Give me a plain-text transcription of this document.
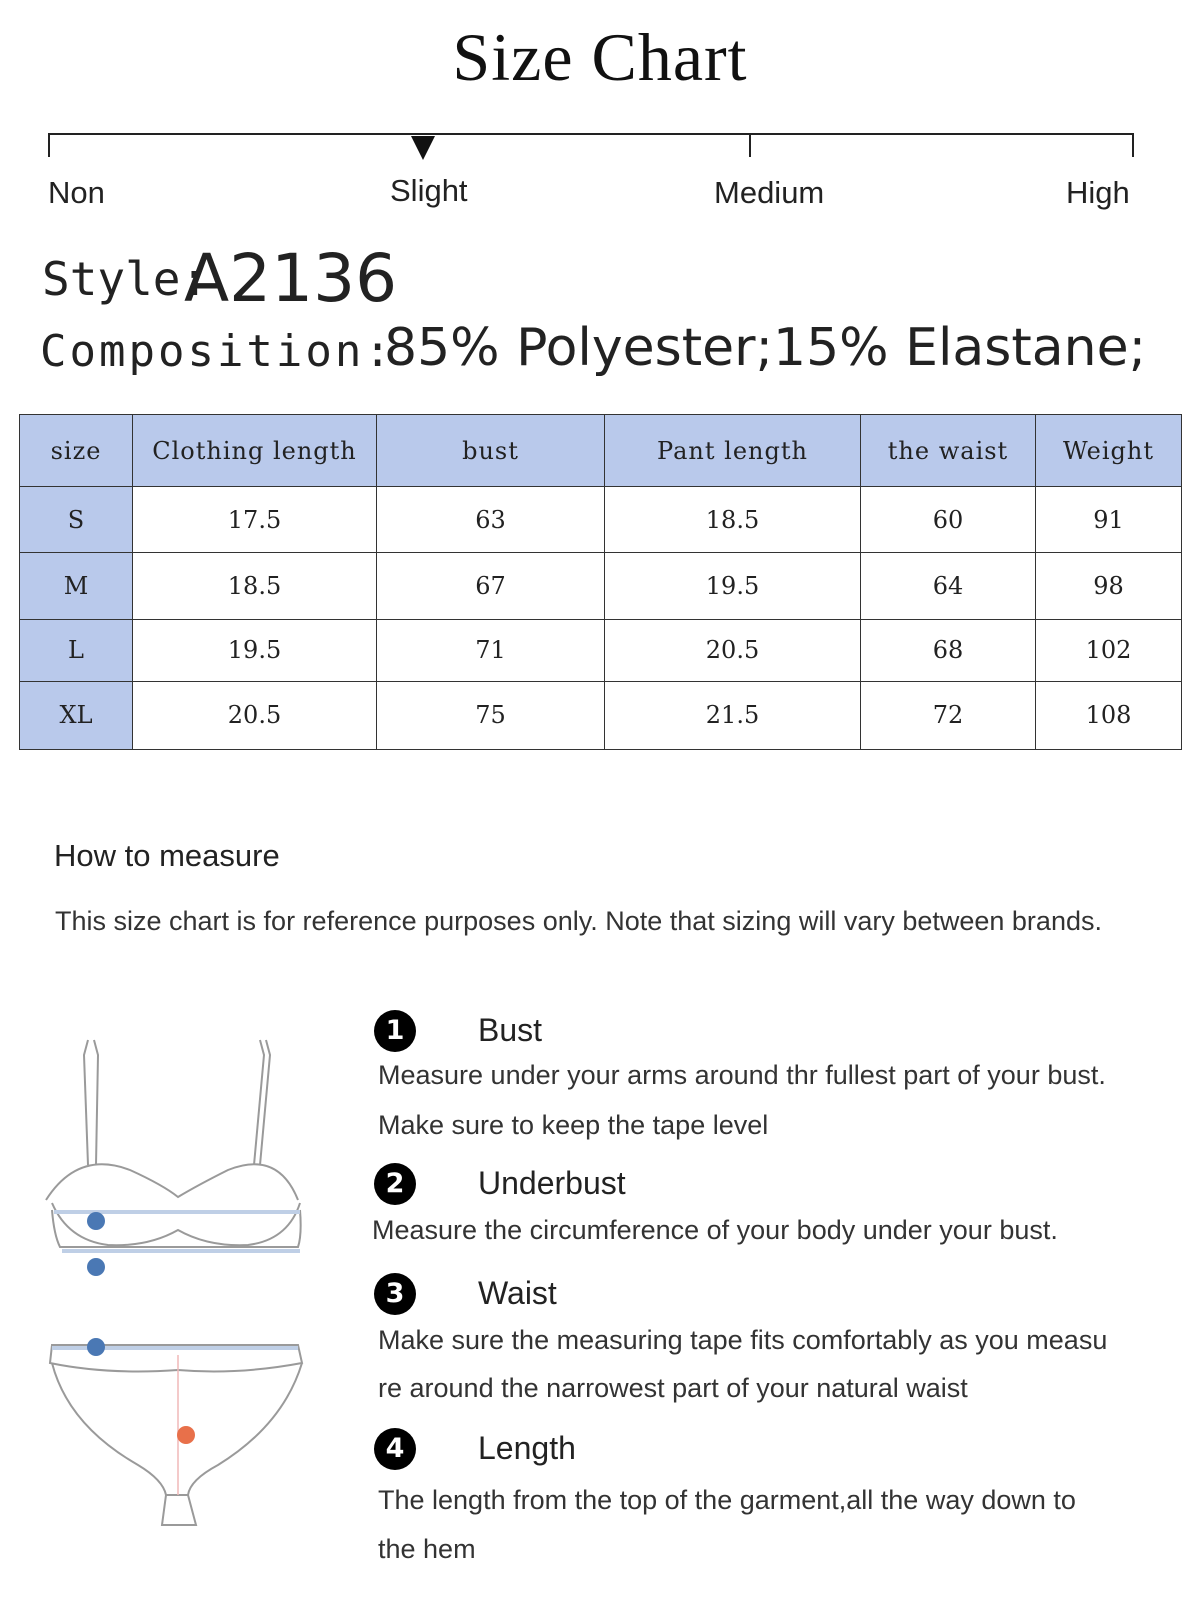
Size Chart
Non	Slight	Medium	High
Style:
A2136
Composition:
85% Polyester;15% Elastane;
size	Clothing length	bust	Pant length	the waist	Weight
S	17.5	63	18.5	60	91
M	18.5	67	19.5	64	98
L	19.5	71	20.5	68	102
XL	20.5	75	21.5	72	108
How to measure
This size chart is for reference purposes only. Note that sizing will vary between brands.
1	Bust
Measure under your arms around thr fullest part of your bust.
Make sure to keep the tape level
2	Underbust
Measure the circumference of your body under your bust.
3	Waist
Make sure the measuring tape fits comfortably as you measu
re around the narrowest part of your natural waist
4	Length
The length from the top of the garment,all the way down to
the hem
